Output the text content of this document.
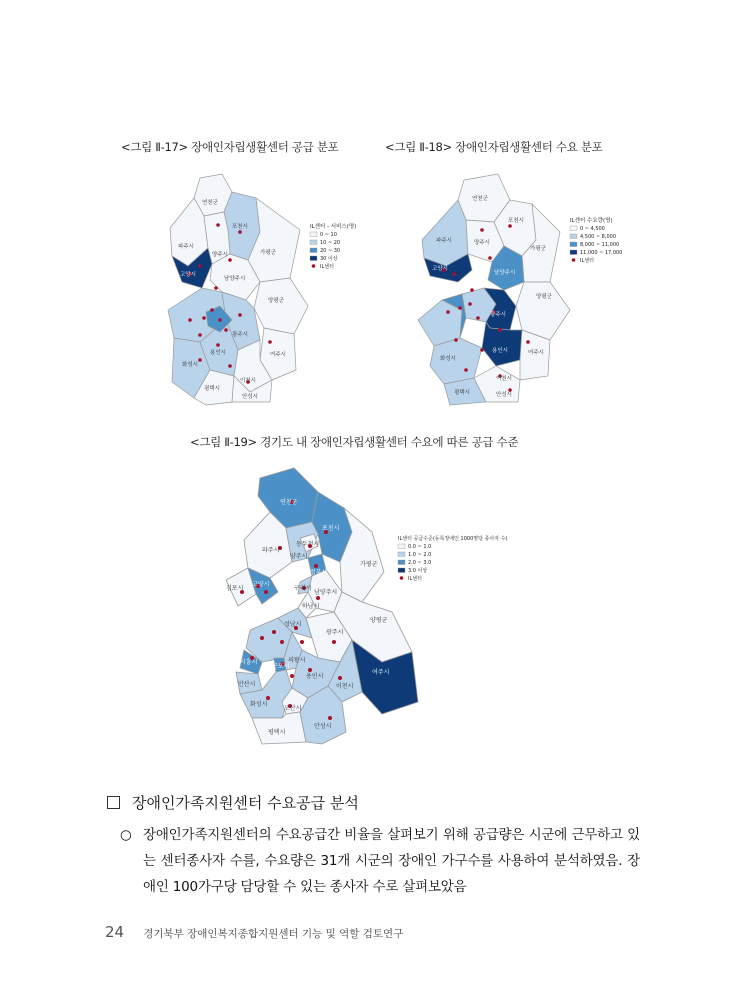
<그림 Ⅱ-17> 장애인자립생활센터 공급 분포
연천군
포천시
파주시
가평군
양주시
고양시
남양주시
양평군
광주시
여주시
용인시
이천시
화성시
평택시
안성시
IL센터 - 서비스(명)
0 ~ 10
10 ~ 20
20 ~ 30
30 이상
IL센터
<그림 Ⅱ-18> 장애인자립생활센터 수요 분포
연천군
포천시
파주시
가평군
양주시
고양시
남양주시
양평군
광주시
여주시
용인시
화성시
평택시	안성시
이천시
IL센터 수요량(명)
0 ~ 4,500
4,500 ~ 8,000
8,000 ~ 11,000
11,000 ~ 17,000
IL센터
<그림 Ⅱ-19> 경기도 내 장애인자립생활센터 수요에 따른 공급 수준
연천군
포천시
파주시
가평군
양주시
동두천시
의정부시
김포시
고양시
남양주시
구리시
양평군
하남시
광주시
성남시
시흥시
안산시
군포시
의왕시
여주시
이천시
용인시
화성시
오산시
평택시
안성시
IL센터 공급수준(등록장애인 1000명당 종사자 수)
0.0 ~ 1.0
1.0 ~ 2.0
2.0 ~ 3.0
3.0 이상
IL센터
장애인가족지원센터 수요공급 분석
○ 장애인가족지원센터의 수요공급간 비율을 살펴보기 위해 공급량은 시군에 근무하고 있는 센터종사자 수를, 수요량은 31개 시군의 장애인 가구수를 사용하여 분석하였음. 장애인 100가구당 담당할 수 있는 종사자 수로 살펴보았음
24 경기북부 장애인복지종합지원센터 기능 및 역할 검토연구
